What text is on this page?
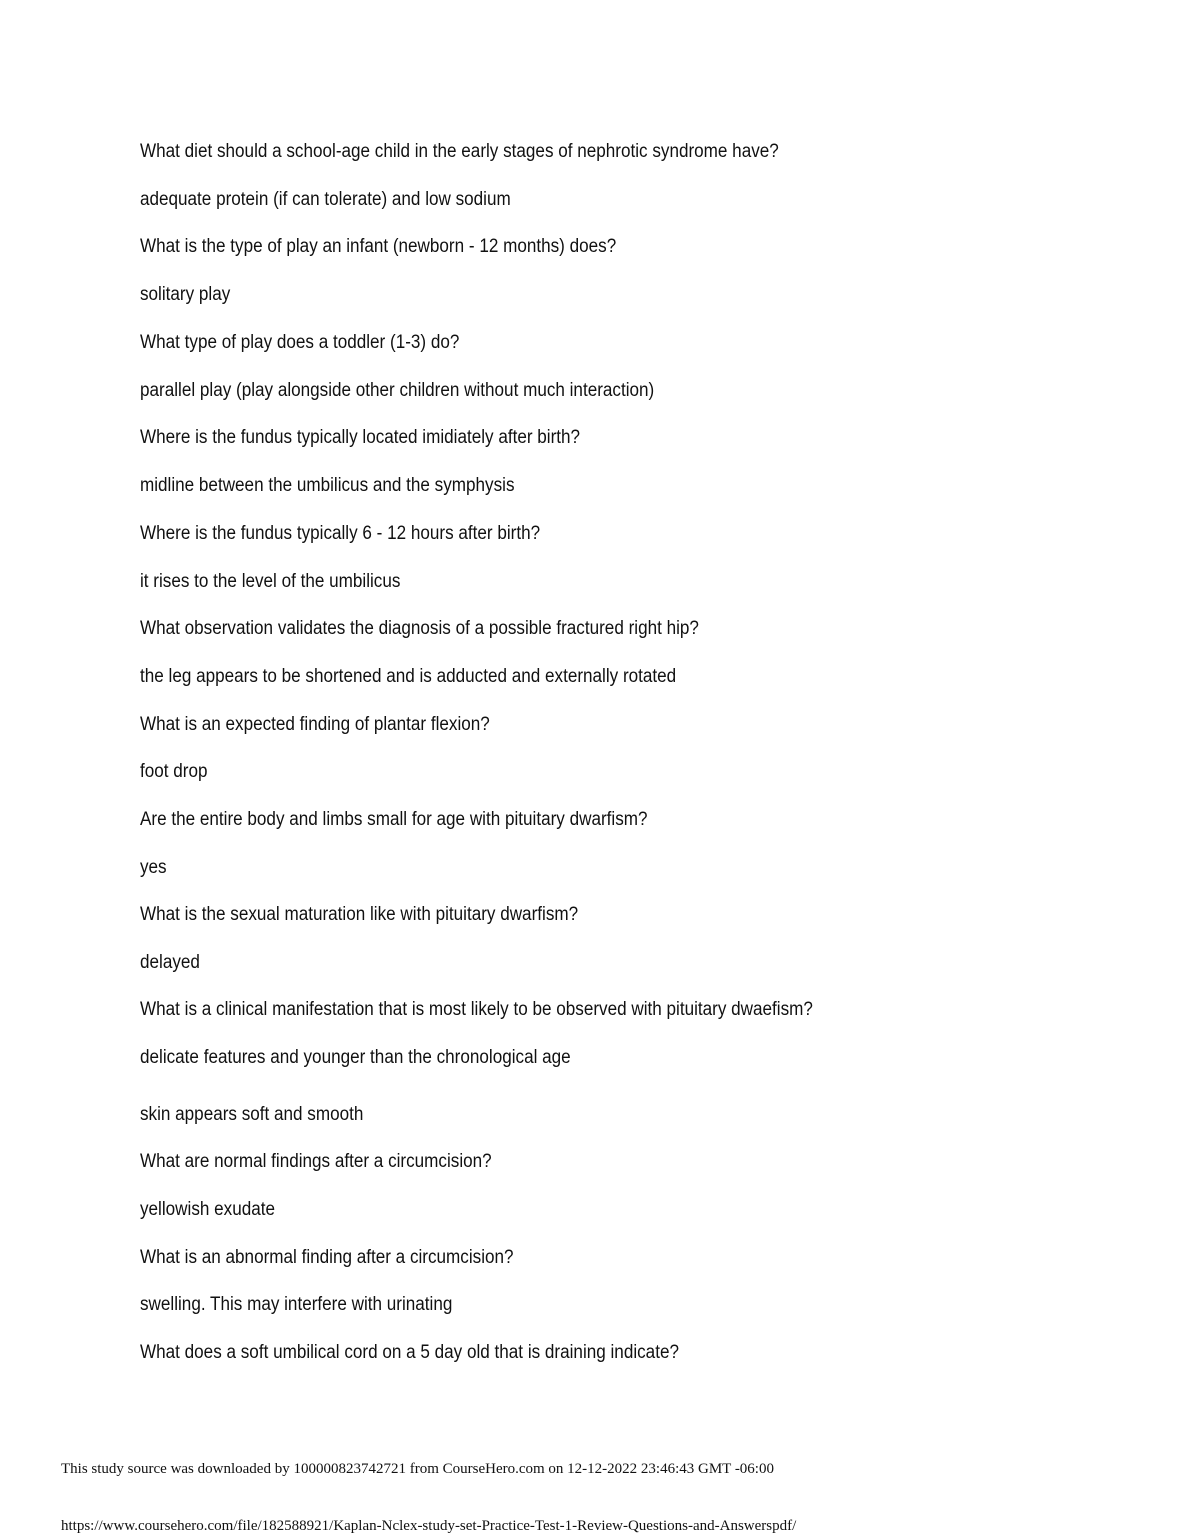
What diet should a school-age child in the early stages of nephrotic syndrome have?
adequate protein (if can tolerate) and low sodium
What is the type of play an infant (newborn - 12 months) does?
solitary play
What type of play does a toddler (1-3) do?
parallel play (play alongside other children without much interaction)
Where is the fundus typically located imidiately after birth?
midline between the umbilicus and the symphysis
Where is the fundus typically 6 - 12 hours after birth?
it rises to the level of the umbilicus
What observation validates the diagnosis of a possible fractured right hip?
the leg appears to be shortened and is adducted and externally rotated
What is an expected finding of plantar flexion?
foot drop
Are the entire body and limbs small for age with pituitary dwarfism?
yes
What is the sexual maturation like with pituitary dwarfism?
delayed
What is a clinical manifestation that is most likely to be observed with pituitary dwaefism?
delicate features and younger than the chronological age
skin appears soft and smooth
What are normal findings after a circumcision?
yellowish exudate
What is an abnormal finding after a circumcision?
swelling. This may interfere with urinating
What does a soft umbilical cord on a 5 day old that is draining indicate?
This study source was downloaded by 100000823742721 from CourseHero.com on 12-12-2022 23:46:43 GMT -06:00
https://www.coursehero.com/file/182588921/Kaplan-Nclex-study-set-Practice-Test-1-Review-Questions-and-Answerspdf/
